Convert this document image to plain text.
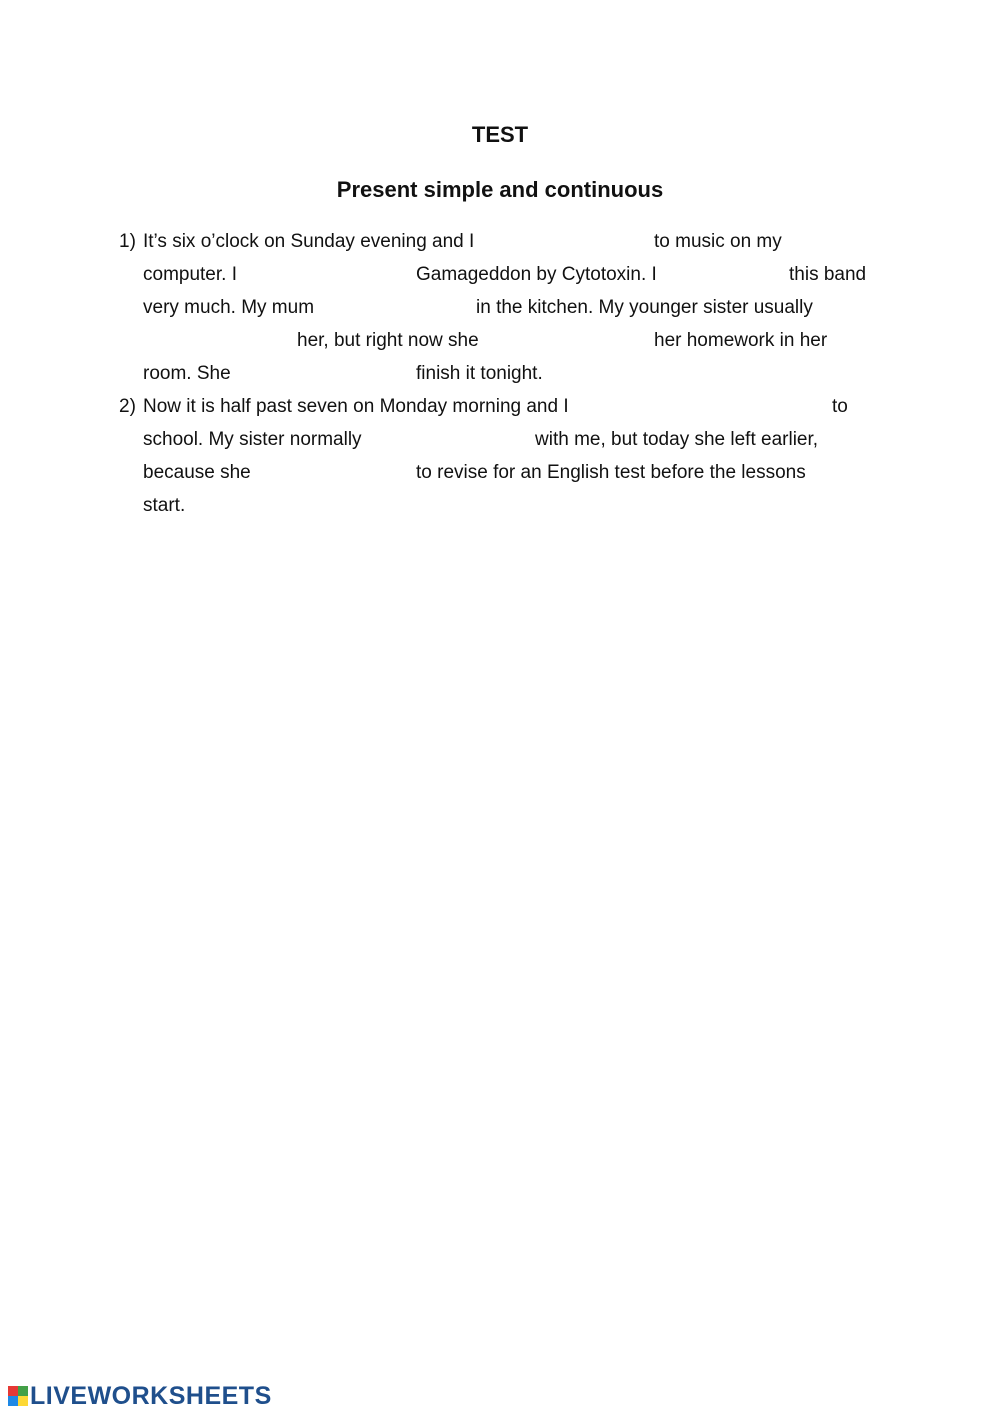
TEST
Present simple and continuous
1) It’s six o’clock on Sunday evening and I	to music on my
computer. I	Gamageddon by Cytotoxin. I	this band
very much. My mum	in the kitchen. My younger sister usually
her, but right now she	her homework in her
room. She	finish it tonight.
2) Now it is half past seven on Monday morning and I	to
school. My sister normally	with me, but today she left earlier,
because she	to revise for an English test before the lessons
start.
LIVEWORKSHEETS
